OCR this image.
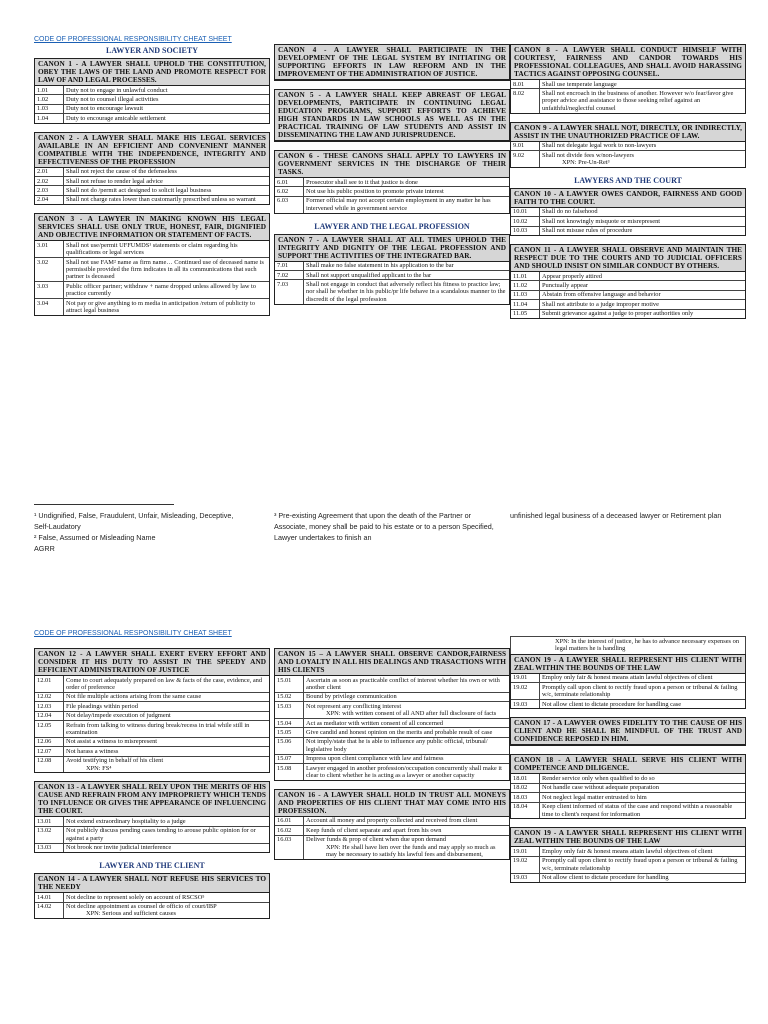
CODE OF PROFESSIONAL RESPONSIBILITY CHEAT SHEET
LAWYER AND SOCIETY
CANON 1 - A LAWYER SHALL UPHOLD THE CONSTITUTION, OBEY THE LAWS OF THE LAND AND PROMOTE RESPECT FOR LAW OF AND LEGAL PROCESSES.
1.01	Duty not to engage in unlawful conduct
1.02	Duty not to counsel illegal activities
1.03	Duty not to encourage lawsuit
1.04	Duty to encourage amicable settlement
CANON 2 - A LAWYER SHALL MAKE HIS LEGAL SERVICES AVAILABLE IN AN EFFICIENT AND CONVENIENT MANNER COMPATIBLE WITH THE INDEPENDENCE, INTEGRITY AND EFFECTIVENESS OF THE PROFESSION
2.01	Shall not reject the cause of the defenseless
2.02	Shall not refuse to render legal advice
2.03	Shall not do /permit act designed to solicit legal business
2.04	Shall not charge rates lower than customarily prescribed unless so warrant
CANON 3 - A LAWYER IN MAKING KNOWN HIS LEGAL SERVICES SHALL USE ONLY TRUE, HONEST, FAIR, DIGNIFIED AND OBJECTIVE INFORMATION OR STATEMENT OF FACTS.
3.01	Shall not use/permit UFFUMDS¹ statements or claim regarding his qualifications or legal services
3.02	Shall not use FAM² name as firm name… Continued use of deceased name is permissible provided the firm indicates in all its communications that such partner is deceased
3.03	Public officer partner; withdraw + name dropped unless allowed by law to practice currently
3.04	Not pay or give anything to m media in anticipation /return of publicity to attract legal business
CANON 4 - A LAWYER SHALL PARTICIPATE IN THE DEVELOPMENT OF THE LEGAL SYSTEM BY INITIATING OR SUPPORTING EFFORTS IN LAW REFORM AND IN THE IMPROVEMENT OF THE ADMINISTRATION OF JUSTICE.
CANON 5 - A LAWYER SHALL KEEP ABREAST OF LEGAL DEVELOPMENTS, PARTICIPATE IN CONTINUING LEGAL EDUCATION PROGRAMS, SUPPORT EFFORTS TO ACHIEVE HIGH STANDARDS IN LAW SCHOOLS AS WELL AS IN THE PRACTICAL TRAINING OF LAW STUDENTS AND ASSIST IN DISSEMINATING THE LAW AND JURISPRUDENCE.
CANON 6 - THESE CANONS SHALL APPLY TO LAWYERS IN GOVERNMENT SERVICES IN THE DISCHARGE OF THEIR TASKS.
6.01	Prosecutor shall see to it that justice is done
6.02	Not use his public position to promote private interest
6.03	Former official may not accept certain employment in any matter he has intervened while in government service
LAWYER AND THE LEGAL PROFESSION
CANON 7 - A LAWYER SHALL AT ALL TIMES UPHOLD THE INTEGRITY AND DIGNITY OF THE LEGAL PROFESSION AND SUPPORT THE ACTIVITIES OF THE INTEGRATED BAR.
7.01	Shall make no false statement in his application to the bar
7.02	Shall not support unqualified applicant to the bar
7.03	Shall not engage in conduct that adversely reflect his fitness to practice law; nor shall he whether in his public/pr life behave in a scandalous manner to the discredit of the legal profession
CANON 8 - A LAWYER SHALL CONDUCT HIMSELF WITH COURTESY, FAIRNESS AND CANDOR TOWARDS HIS PROFESSIONAL COLLEAGUES, AND SHALL AVOID HARASSING TACTICS AGAINST OPPOSING COUNSEL.
8.01	Shall use temperate language
8.02	Shall not encroach in the business of another. However w/o fear/favor give proper advice and assistance to those seeking relief against an unfaithful/neglectful counsel
CANON 9 - A LAWYER SHALL NOT, DIRECTLY, OR INDIRECTLY, ASSIST IN THE UNAUTHORIZED PRACTICE OF LAW.
9.01	Shall not delegate legal work to non-lawyers
9.02	Shall not divide fees w/non-lawyers
XPN: Pre-Un-Ret³
LAWYERS AND THE COURT
CANON 10 - A LAWYER OWES CANDOR, FAIRNESS AND GOOD FAITH TO THE COURT.
10.01	Shall do no falsehood
10.02	Shall not knowingly misquote or misrepresent
10.03	Shall not misuse rules of procedure
CANON 11 - A LAWYER SHALL OBSERVE AND MAINTAIN THE RESPECT DUE TO THE COURTS AND TO JUDICIAL OFFICERS AND SHOULD INSIST ON SIMILAR CONDUCT BY OTHERS.
11.01	Appear properly attired
11.02	Punctually appear
11.03	Abstain from offensive language and behavior
11.04	Shall not attribute to a judge improper motive
11.05	Submit grievance against a judge to proper authorities only
¹ Undignified, False, Fraudulent, Unfair, Misleading, Deceptive, Self-Laudatory
² False, Assumed or Misleading Name
AGRR
³ Pre-existing Agreement that upon the death of the Partner or Associate, money shall be paid to his estate or to a person Specified, Lawyer undertakes to finish an
unfinished legal business of a deceased lawyer or Retirement plan
CODE OF PROFESSIONAL RESPONSIBILITY CHEAT SHEET
CANON 12 - A LAWYER SHALL EXERT EVERY EFFORT AND CONSIDER IT HIS DUTY TO ASSIST IN THE SPEEDY AND EFFICIENT ADMINISTRATION OF JUSTICE
12.01	Come to court adequately prepared on law & facts of the case, evidence, and order of preference
12.02	Not file multiple actions arising from the same cause
12.03	File pleadings within period
12.04	Not delay/impede execution of judgment
12.05	Refrain from talking to witness during break/recess in trial while still in examination
12.06	Not assist a witness to misrepresent
12.07	Not harass a witness
12.08	Avoid testifying in behalf of his client
XPN: FS⁴
CANON 13 - A LAWYER SHALL RELY UPON THE MERITS OF HIS CAUSE AND REFRAIN FROM ANY IMPROPRIETY WHICH TENDS TO INFLUENCE OR GIVES THE APPEARANCE OF INFLUENCING THE COURT.
13.01	Not extend extraordinary hospitality to a judge
13.02	Not publicly discuss pending cases tending to arouse public opinion for or against a party
13.03	Not brook nor invite judicial interference
LAWYER AND THE CLIENT
CANON 14 - A LAWYER SHALL NOT REFUSE HIS SERVICES TO THE NEEDY
14.01	Not decline to represent solely on account of RSCSO⁵
14.02	Not decline appointment as counsel de officio of court/IBP
XPN: Serious and sufficient causes
CANON 15 – A LAWYER SHALL OBSERVE CANDOR,FAIRNESS AND LOYALTY IN ALL HIS DEALINGS AND TRASACTIONS WITH HIS CLIENTS
15.01	Ascertain as soon as practicable conflict of interest whether his own or with another client
15.02	Bound by privilege communication
15.03	Not represent any conflicting interest
XPN: with written consent of all AND after full disclosure of facts

15.04	Act as mediator with written consent of all concerned
15.05	Give candid and honest opinion on the merits and probable result of case
15.06	Not imply/state that he is able to influence any public official, tribunal/ legislative body
15.07	Impress upon client compliance with law and fairness
15.08	Lawyer engaged in another profession/occupation concurrently shall make it clear to client whether he is acting as a lawyer or another capacity
CANON 16 - A LAWYER SHALL HOLD IN TRUST ALL MONEYS AND PROPERTIES OF HIS CLIENT THAT MAY COME INTO HIS PROFESSION.
16.01	Account all money and property collected and received from client
16.02	Keep funds of client separate and apart from his own
16.03	Deliver funds & prop of client when due upon demand
XPN: He shall have lien over the funds and may apply so much as may be necessary to satisfy his lawful fees and disbursement,
XPN: In the interest of justice, he has to advance necessary expenses on legal matters he is handling
CANON 19 - A LAWYER SHALL REPRESENT HIS CLIENT WITH ZEAL WITHIN THE BOUNDS OF THE LAW
19.01	Employ only fair & honest means attain lawful objectives of client
19.02	Promptly call upon client to rectify fraud upon a person or tribunal & failing w/c, terminate relationship
19.03	Not allow client to dictate procedure for handling case
CANON 17 - A LAWYER OWES FIDELITY TO THE CAUSE OF HIS CLIENT AND HE SHALL BE MINDFUL OF THE TRUST AND CONFIDENCE REPOSED IN HIM.
CANON 18 - A LAWYER SHALL SERVE HIS CLIENT WITH COMPETENCE AND DILIGENCE.
18.01	Render service only when qualified to do so
18.02	Not handle case without adequate preparation
18.03	Not neglect legal matter entrusted to him
18.04	Keep client informed of status of the case and respond within a reasonable time to client's request for information
CANON 19 - A LAWYER SHALL REPRESENT HIS CLIENT WITH ZEAL WITHIN THE BOUNDS OF THE LAW
19.01	Employ only fair & honest means attain lawful objectives of client
19.02	Promptly call upon client to rectify fraud upon a person or tribunal & failing w/c, terminate relationship
19.03	Not allow client to dictate procedure for handling
